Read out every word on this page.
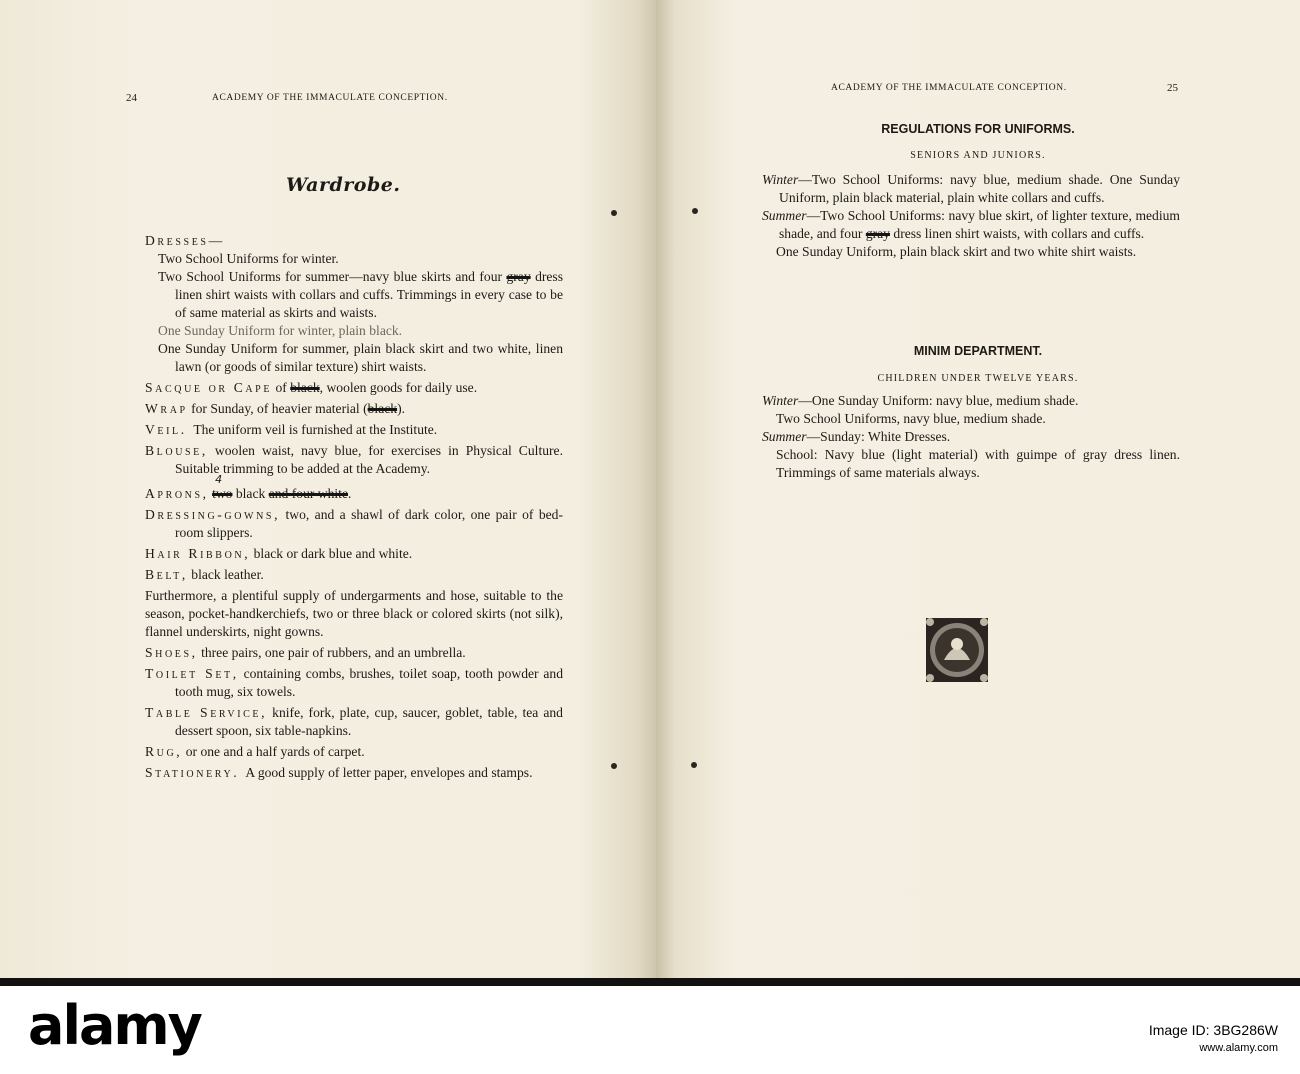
24	ACADEMY OF THE IMMACULATE CONCEPTION.
Wardrobe.
Dresses—
Two School Uniforms for winter.
Two School Uniforms for summer—navy blue skirts and four gray dress linen shirt waists with collars and cuffs. Trimmings in every case to be of same material as skirts and waists.
One Sunday Uniform for winter, plain black.
One Sunday Uniform for summer, plain black skirt and two white, linen lawn (or goods of similar texture) shirt waists.
Sacque or Cape of black, woolen goods for daily use.
Wrap for Sunday, of heavier material (black).
Veil. The uniform veil is furnished at the Institute.
Blouse, woolen waist, navy blue, for exercises in Physical Culture. Suitable trimming to be added at the Academy.
Aprons,
4
two black and four white.
Dressing-gowns, two, and a shawl of dark color, one pair of bed-room slippers.
Hair Ribbon, black or dark blue and white.
Belt, black leather.
Furthermore, a plentiful supply of undergarments and hose, suitable to the season, pocket-handkerchiefs, two or three black or colored skirts (not silk), flannel underskirts, night gowns.
Shoes, three pairs, one pair of rubbers, and an umbrella.
Toilet Set, containing combs, brushes, toilet soap, tooth powder and tooth mug, six towels.
Table Service, knife, fork, plate, cup, saucer, goblet, table, tea and dessert spoon, six table-napkins.
Rug, or one and a half yards of carpet.
Stationery. A good supply of letter paper, envelopes and stamps.
ACADEMY OF THE IMMACULATE CONCEPTION.	25
REGULATIONS FOR UNIFORMS.
SENIORS AND JUNIORS.
Winter—Two School Uniforms: navy blue, medium shade. One Sunday Uniform, plain black material, plain white collars and cuffs.
Summer—Two School Uniforms: navy blue skirt, of lighter texture, medium shade, and four gray dress linen shirt waists, with collars and cuffs.
One Sunday Uniform, plain black skirt and two white shirt waists.
MINIM DEPARTMENT.
CHILDREN UNDER TWELVE YEARS.
Winter—One Sunday Uniform: navy blue, medium shade.
Two School Uniforms, navy blue, medium shade.
Summer—Sunday: White Dresses.
School: Navy blue (light material) with guimpe of gray dress linen. Trimmings of same materials always.
alamy	Image ID: 3BG286W
www.alamy.com
